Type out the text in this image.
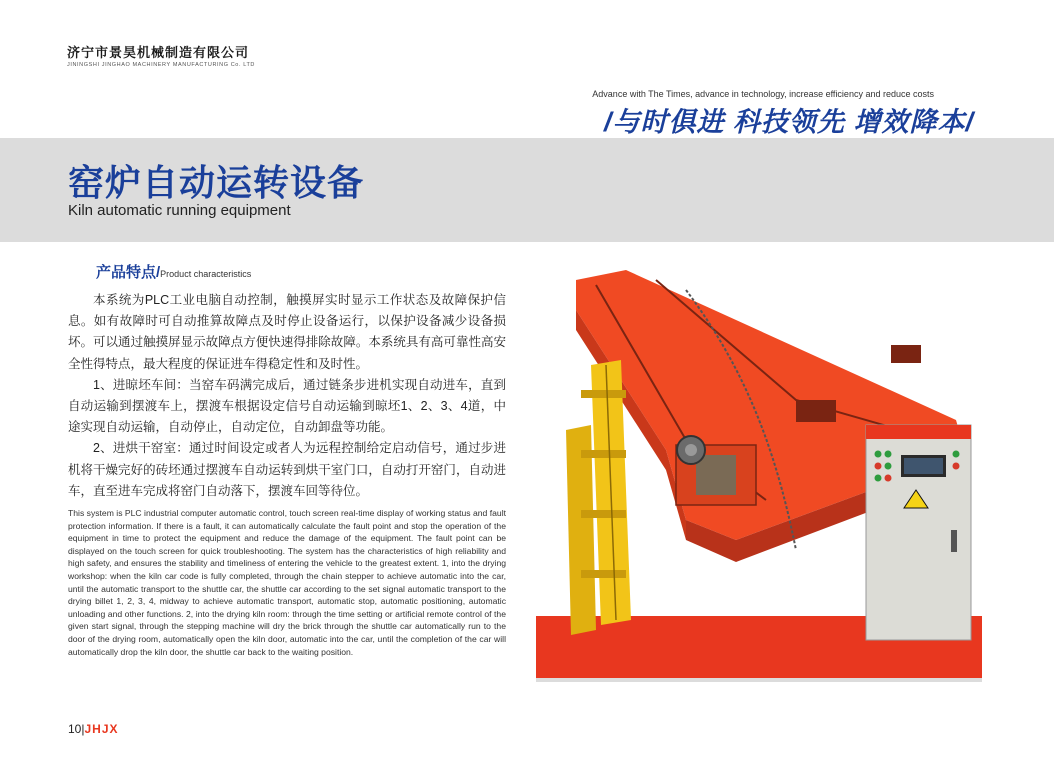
济宁市景昊机械制造有限公司
JININGSHI JINGHAO MACHINERY MANUFACTURING Co. LTD
Advance with The Times, advance in technology, increase efficiency and reduce costs
/与时俱进 科技领先 增效降本/
窑炉自动运转设备
Kiln automatic running equipment
产品特点/Product characteristics

本系统为PLC工业电脑自动控制，触摸屏实时显示工作状态及故障保护信息。如有故障时可自动推算故障点及时停止设备运行，以保护设备减少设备损坏。可以通过触摸屏显示故障点方便快速得排除故障。本系统具有高可靠性高安全性得特点，最大程度的保证进车得稳定性和及时性。

1、进晾坯车间：当窑车码满完成后，通过链条步进机实现自动进车，直到自动运输到摆渡车上，摆渡车根据设定信号自动运输到晾坯1、2、3、4道，中途实现自动运输，自动停止，自动定位，自动卸盘等功能。

2、进烘干窑室：通过时间设定或者人为远程控制给定启动信号，通过步进机将干燥完好的砖坯通过摆渡车自动运转到烘干室门口，自动打开窑门，自动进车，直至进车完成将窑门自动落下，摆渡车回等待位。

This system is PLC industrial computer automatic control, touch screen real-time display of working status and fault protection information. If there is a fault, it can automatically calculate the fault point and stop the operation of the equipment in time to protect the equipment and reduce the damage of the equipment. The fault point can be displayed on the touch screen for quick troubleshooting. The system has the characteristics of high reliability and high safety, and ensures the stability and timeliness of entering the vehicle to the greatest extent. 1, into the drying workshop: when the kiln car code is fully completed, through the chain stepper to achieve automatic into the car, until the automatic transport to the shuttle car, the shuttle car according to the set signal automatic transport to the drying billet 1, 2, 3, 4, midway to achieve automatic transport, automatic stop, automatic positioning, automatic unloading and other functions. 2, into the drying kiln room: through the time setting or artificial remote control of the given start signal, through the stepping machine will dry the brick through the shuttle car automatically run to the door of the drying room, automatically open the kiln door, automatic into the car, until the completion of the car will automatically drop the kiln door, the shuttle car back to the waiting position.
10|JHJX
